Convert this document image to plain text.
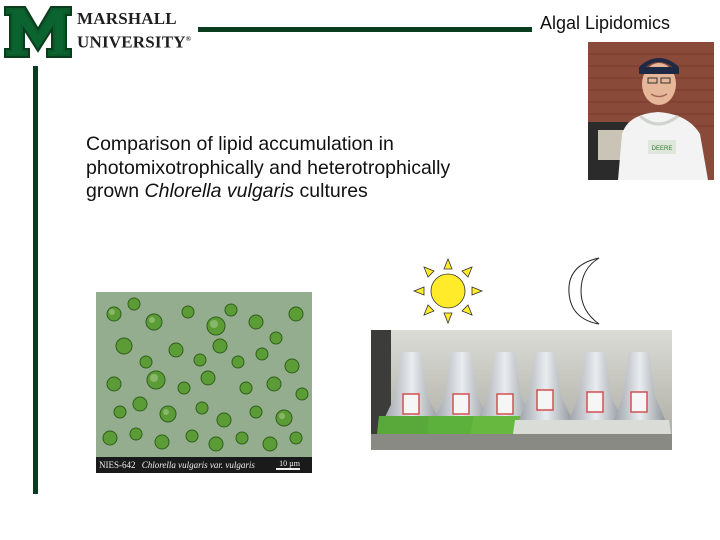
MARSHALL
UNIVERSITY®
Algal Lipidomics
DEERE
Comparison of lipid accumulation in
photomixotrophically and heterotrophically
grown Chlorella vulgaris cultures
NIES-642 Chlorella vulgaris var. vulgaris	10 µm
